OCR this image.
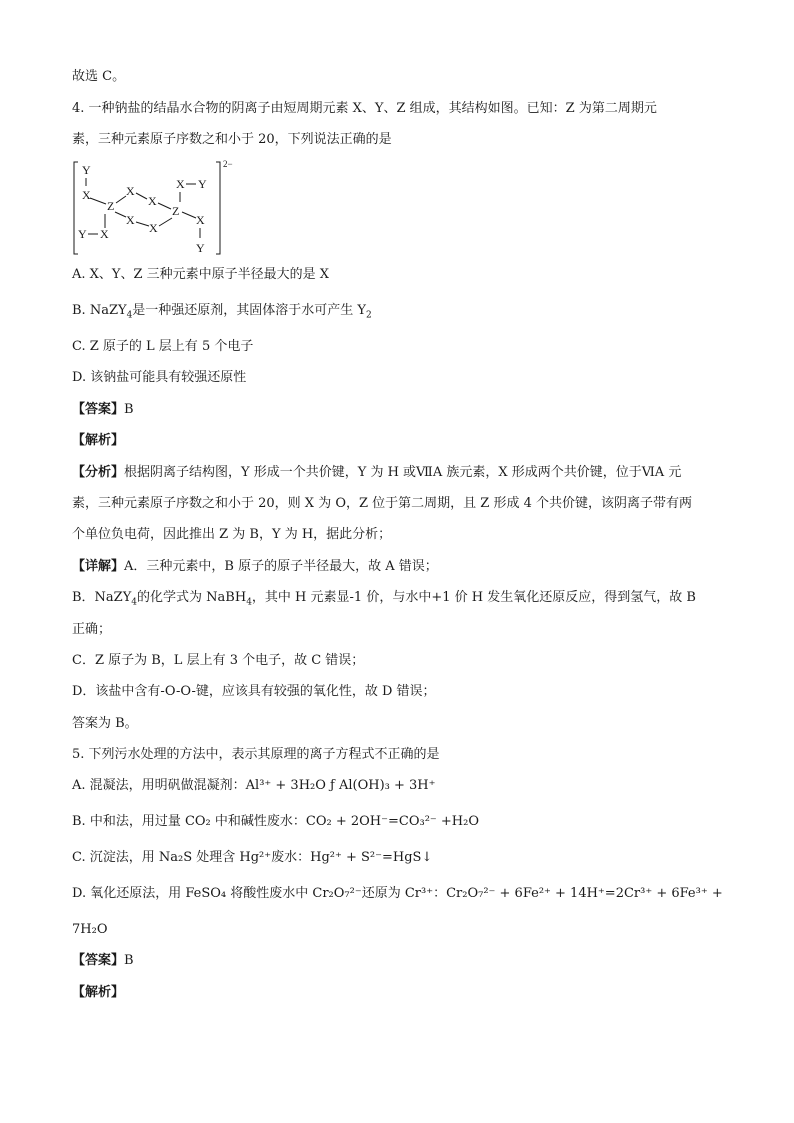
故选 C。
4. 一种钠盐的结晶水合物的阴离子由短周期元素 X、Y、Z 组成，其结构如图。已知：Z 为第二周期元
素，三种元素原子序数之和小于 20，下列说法正确的是
2−
Y
X
Z
X
X
X Y
Z
Y X
X
X
X
Y
A. X、Y、Z 三种元素中原子半径最大的是 X
B. NaZY$_4$是一种强还原剂，其固体溶于水可产生 $Y_2$
C. Z 原子的 L 层上有 5 个电子
D. 该钠盐可能具有较强还原性
【答案】B
【解析】
【分析】根据阴离子结构图，Y 形成一个共价键，Y 为 H 或ⅦA 族元素，X 形成两个共价键，位于ⅥA 元
素，三种元素原子序数之和小于 20，则 X 为 O，Z 位于第二周期，且 Z 形成 4 个共价键，该阴离子带有两
个单位负电荷，因此推出 Z 为 B，Y 为 H，据此分析；
【详解】A．三种元素中，B 原子的原子半径最大，故 A 错误；
B．NaZY$_4$的化学式为 NaBH$_4$，其中 H 元素显-1 价，与水中+1 价 H 发生氧化还原反应，得到氢气，故 B
正确；
C．Z 原子为 B，L 层上有 3 个电子，故 C 错误；
D．该盐中含有-O-O-键，应该具有较强的氧化性，故 D 错误；
答案为 B。
5. 下列污水处理的方法中，表示其原理的离子方程式不正确的是
A. 混凝法，用明矾做混凝剂：Al³⁺ + 3H₂O ƒ Al(OH)₃ + 3H⁺
B. 中和法，用过量 CO₂ 中和碱性废水：CO₂ + 2OH⁻=CO₃²⁻ +H₂O
C. 沉淀法，用 Na₂S 处理含 Hg²⁺废水：Hg²⁺ + S²⁻=HgS↓
D. 氧化还原法，用 FeSO₄ 将酸性废水中 Cr₂O₇²⁻还原为 Cr³⁺：Cr₂O₇²⁻ + 6Fe²⁺ + 14H⁺=2Cr³⁺ + 6Fe³⁺ +
7H₂O
【答案】B
【解析】
